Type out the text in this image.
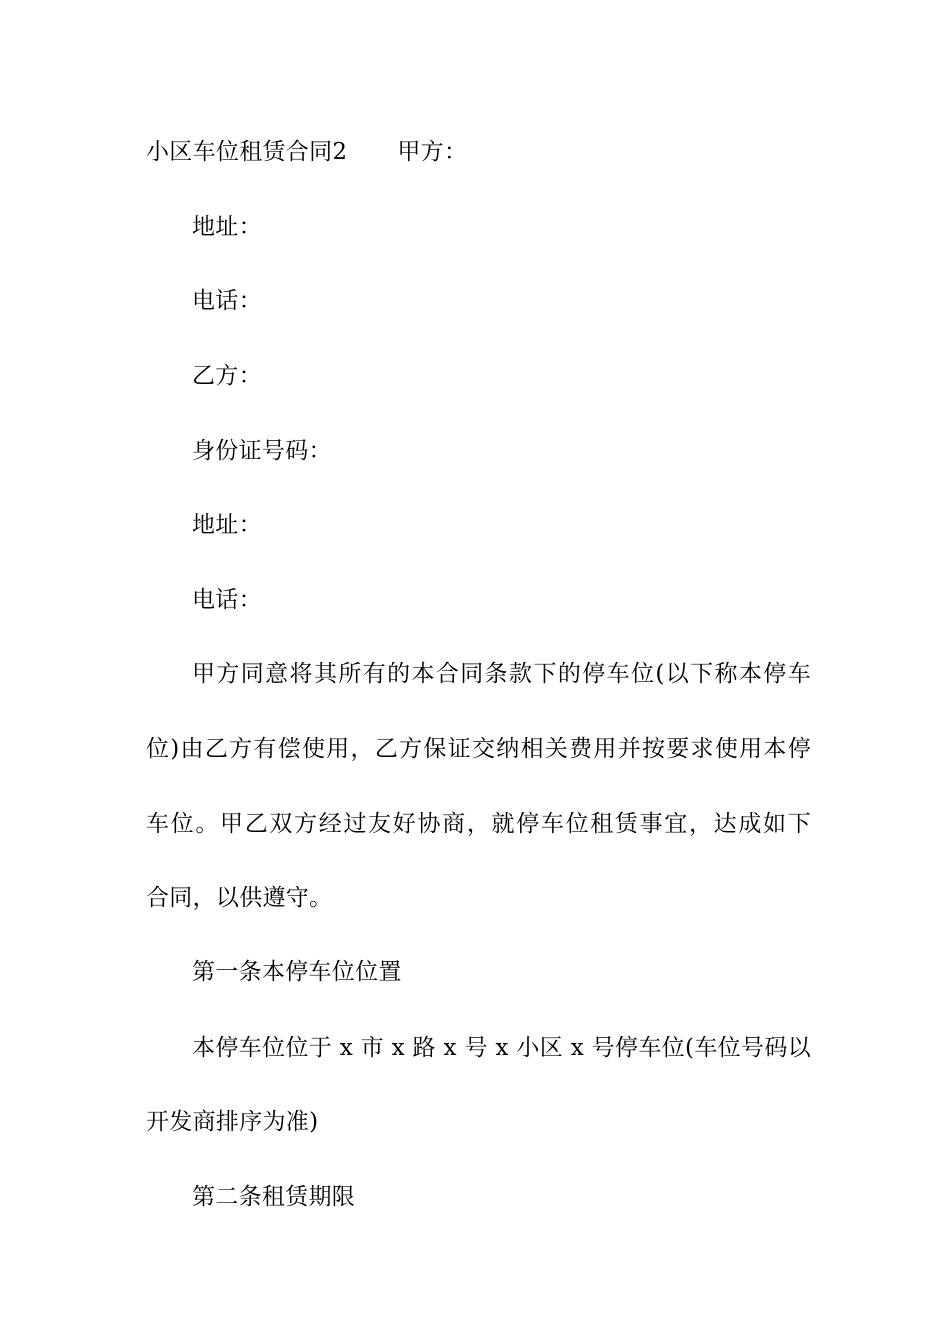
小区车位租赁合同2 甲方：
地址：
电话：
乙方：
身份证号码：
地址：
电话：
甲方同意将其所有的本合同条款下的停车位(以下称本停车
位)由乙方有偿使用，乙方保证交纳相关费用并按要求使用本停
车位。甲乙双方经过友好协商，就停车位租赁事宜，达成如下
合同，以供遵守。
第一条本停车位位置
本停车位位于 x 市 x 路 x 号 x 小区 x 号停车位(车位号码以
开发商排序为准)
第二条租赁期限
